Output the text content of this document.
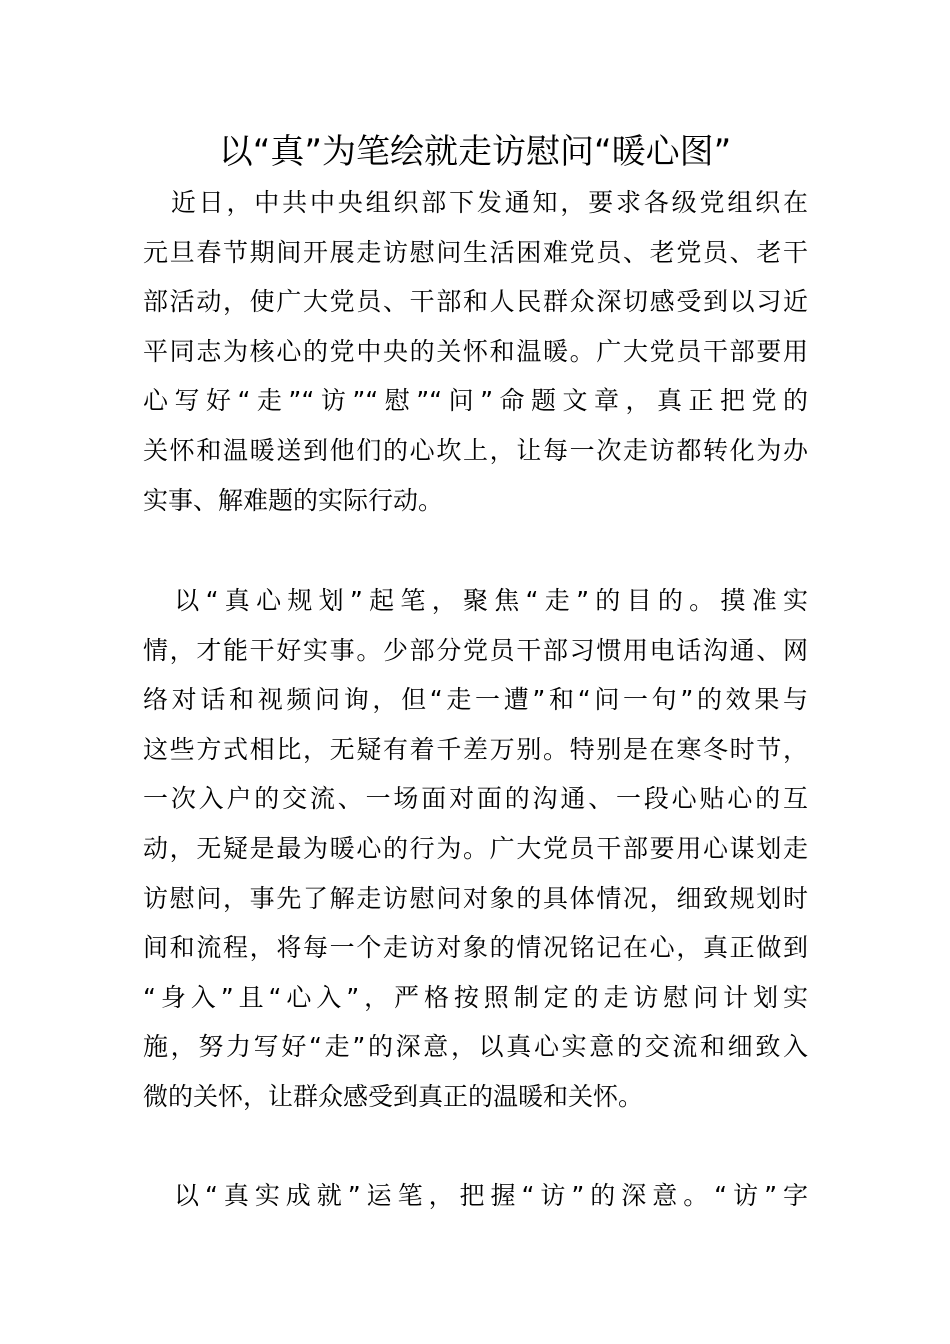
以“真”为笔绘就走访慰问“暖心图”
　近日，中共中央组织部下发通知，要求各级党组织在
元旦春节期间开展走访慰问生活困难党员、老党员、老干
部活动，使广大党员、干部和人民群众深切感受到以习近
平同志为核心的党中央的关怀和温暖。广大党员干部要用
心写好“走”“访”“慰”“问”命题文章，真正把党的
关怀和温暖送到他们的心坎上，让每一次走访都转化为办
实事、解难题的实际行动。
　以“真心规划”起笔，聚焦“走”的目的。摸准实
情，才能干好实事。少部分党员干部习惯用电话沟通、网
络对话和视频问询，但“走一遭”和“问一句”的效果与
这些方式相比，无疑有着千差万别。特别是在寒冬时节，
一次入户的交流、一场面对面的沟通、一段心贴心的互
动，无疑是最为暖心的行为。广大党员干部要用心谋划走
访慰问，事先了解走访慰问对象的具体情况，细致规划时
间和流程，将每一个走访对象的情况铭记在心，真正做到
“身入”且“心入”，严格按照制定的走访慰问计划实
施，努力写好“走”的深意，以真心实意的交流和细致入
微的关怀，让群众感受到真正的温暖和关怀。
　以“真实成就”运笔，把握“访”的深意。“访”字
